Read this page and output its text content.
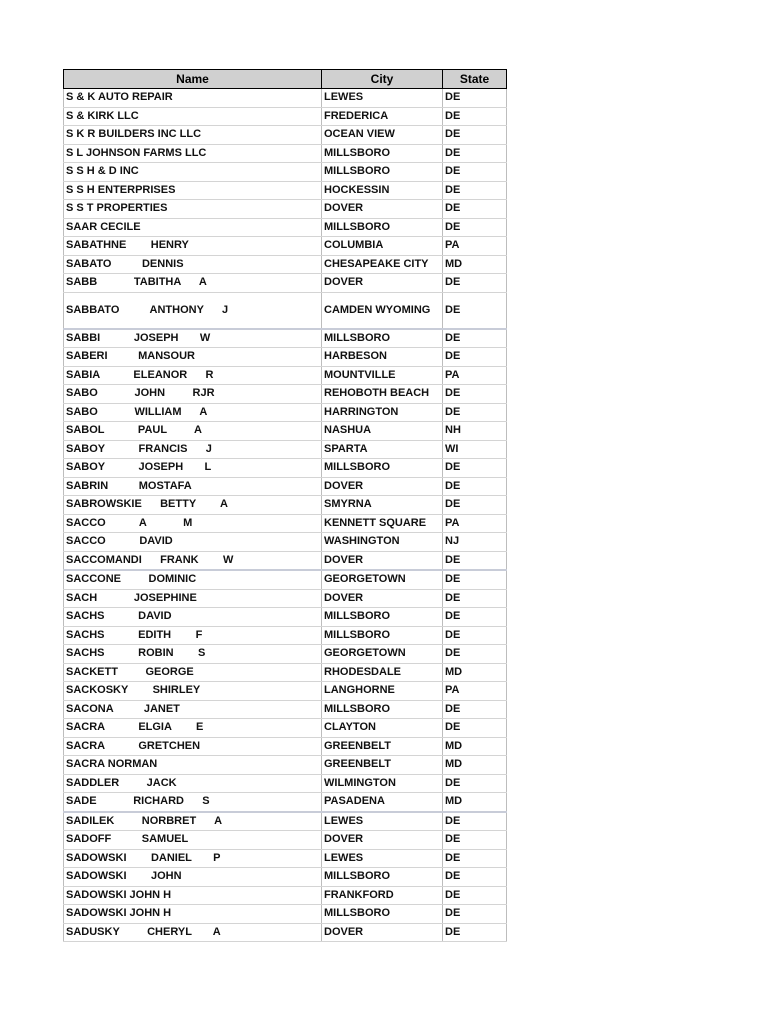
Name	City	State
S & K AUTO REPAIR	LEWES	DE
S & KIRK LLC	FREDERICA	DE
S K R BUILDERS INC LLC	OCEAN VIEW	DE
S L JOHNSON FARMS LLC	MILLSBORO	DE
S S H & D INC	MILLSBORO	DE
S S H ENTERPRISES	HOCKESSIN	DE
S S T PROPERTIES	DOVER	DE
SAAR CECILE	MILLSBORO	DE
SABATHNE        HENRY	COLUMBIA	PA
SABATO          DENNIS	CHESAPEAKE CITY	MD
SABB            TABITHA      A	DOVER	DE
SABBATO          ANTHONY      J	CAMDEN WYOMING	DE
SABBI           JOSEPH       W	MILLSBORO	DE
SABERI          MANSOUR	HARBESON	DE
SABIA           ELEANOR      R	MOUNTVILLE	PA
SABO            JOHN         RJR	REHOBOTH BEACH	DE
SABO            WILLIAM      A	HARRINGTON	DE
SABOL           PAUL         A	NASHUA	NH
SABOY           FRANCIS      J	SPARTA	WI
SABOY           JOSEPH       L	MILLSBORO	DE
SABRIN          MOSTAFA	DOVER	DE
SABROWSKIE      BETTY        A	SMYRNA	DE
SACCO           A            M	KENNETT SQUARE	PA
SACCO           DAVID	WASHINGTON	NJ
SACCOMANDI      FRANK        W	DOVER	DE
SACCONE         DOMINIC	GEORGETOWN	DE
SACH            JOSEPHINE	DOVER	DE
SACHS           DAVID	MILLSBORO	DE
SACHS           EDITH        F	MILLSBORO	DE
SACHS           ROBIN        S	GEORGETOWN	DE
SACKETT         GEORGE	RHODESDALE	MD
SACKOSKY        SHIRLEY	LANGHORNE	PA
SACONA          JANET	MILLSBORO	DE
SACRA           ELGIA        E	CLAYTON	DE
SACRA           GRETCHEN	GREENBELT	MD
SACRA NORMAN	GREENBELT	MD
SADDLER         JACK	WILMINGTON	DE
SADE            RICHARD      S	PASADENA	MD
SADILEK         NORBRET      A	LEWES	DE
SADOFF          SAMUEL	DOVER	DE
SADOWSKI        DANIEL       P	LEWES	DE
SADOWSKI        JOHN	MILLSBORO	DE
SADOWSKI JOHN H	FRANKFORD	DE
SADOWSKI JOHN H	MILLSBORO	DE
SADUSKY         CHERYL       A	DOVER	DE
